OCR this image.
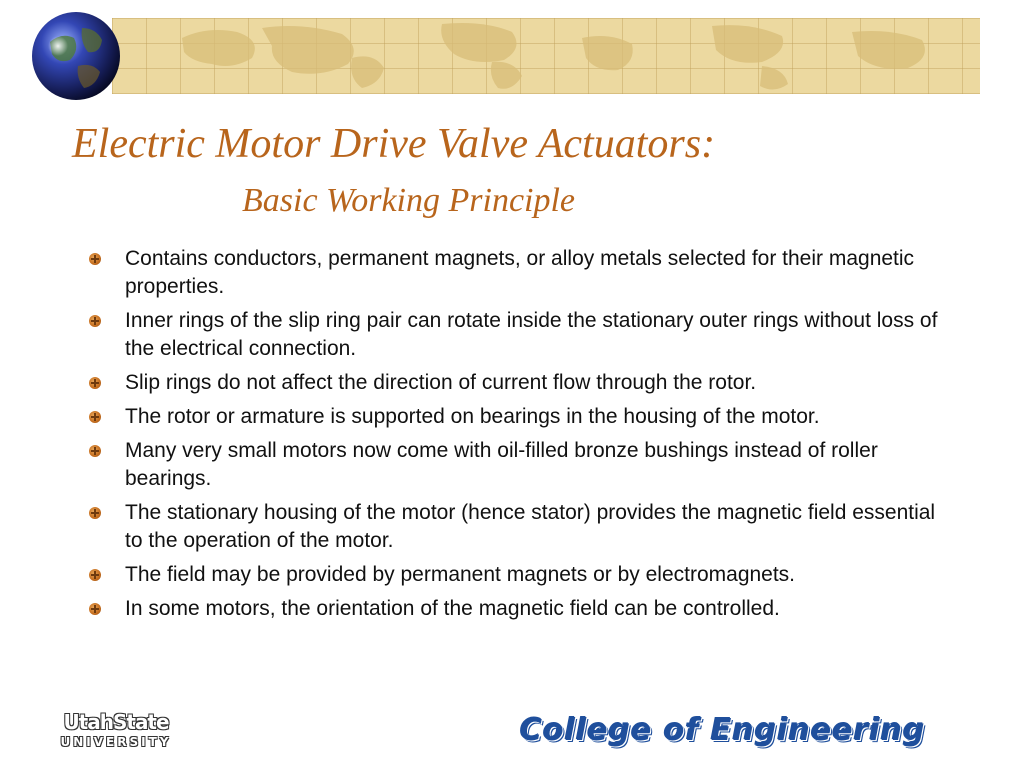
Electric Motor Drive Valve Actuators:
Basic Working Principle
Contains conductors, permanent magnets, or alloy metals selected for their magnetic properties.
Inner rings of the slip ring pair can rotate inside the stationary outer rings without loss of the electrical connection.
Slip rings do not affect the direction of current flow through the rotor.
The rotor or armature is supported on bearings in the housing of the motor.
Many very small motors now come with oil-filled bronze bushings instead of roller bearings.
The stationary housing of the motor (hence stator) provides the magnetic field essential to the operation of the motor.
The field may be provided by permanent magnets or by electromagnets.
In some motors, the orientation of the magnetic field can be controlled.
UtahState
UNIVERSITY	College of Engineering
